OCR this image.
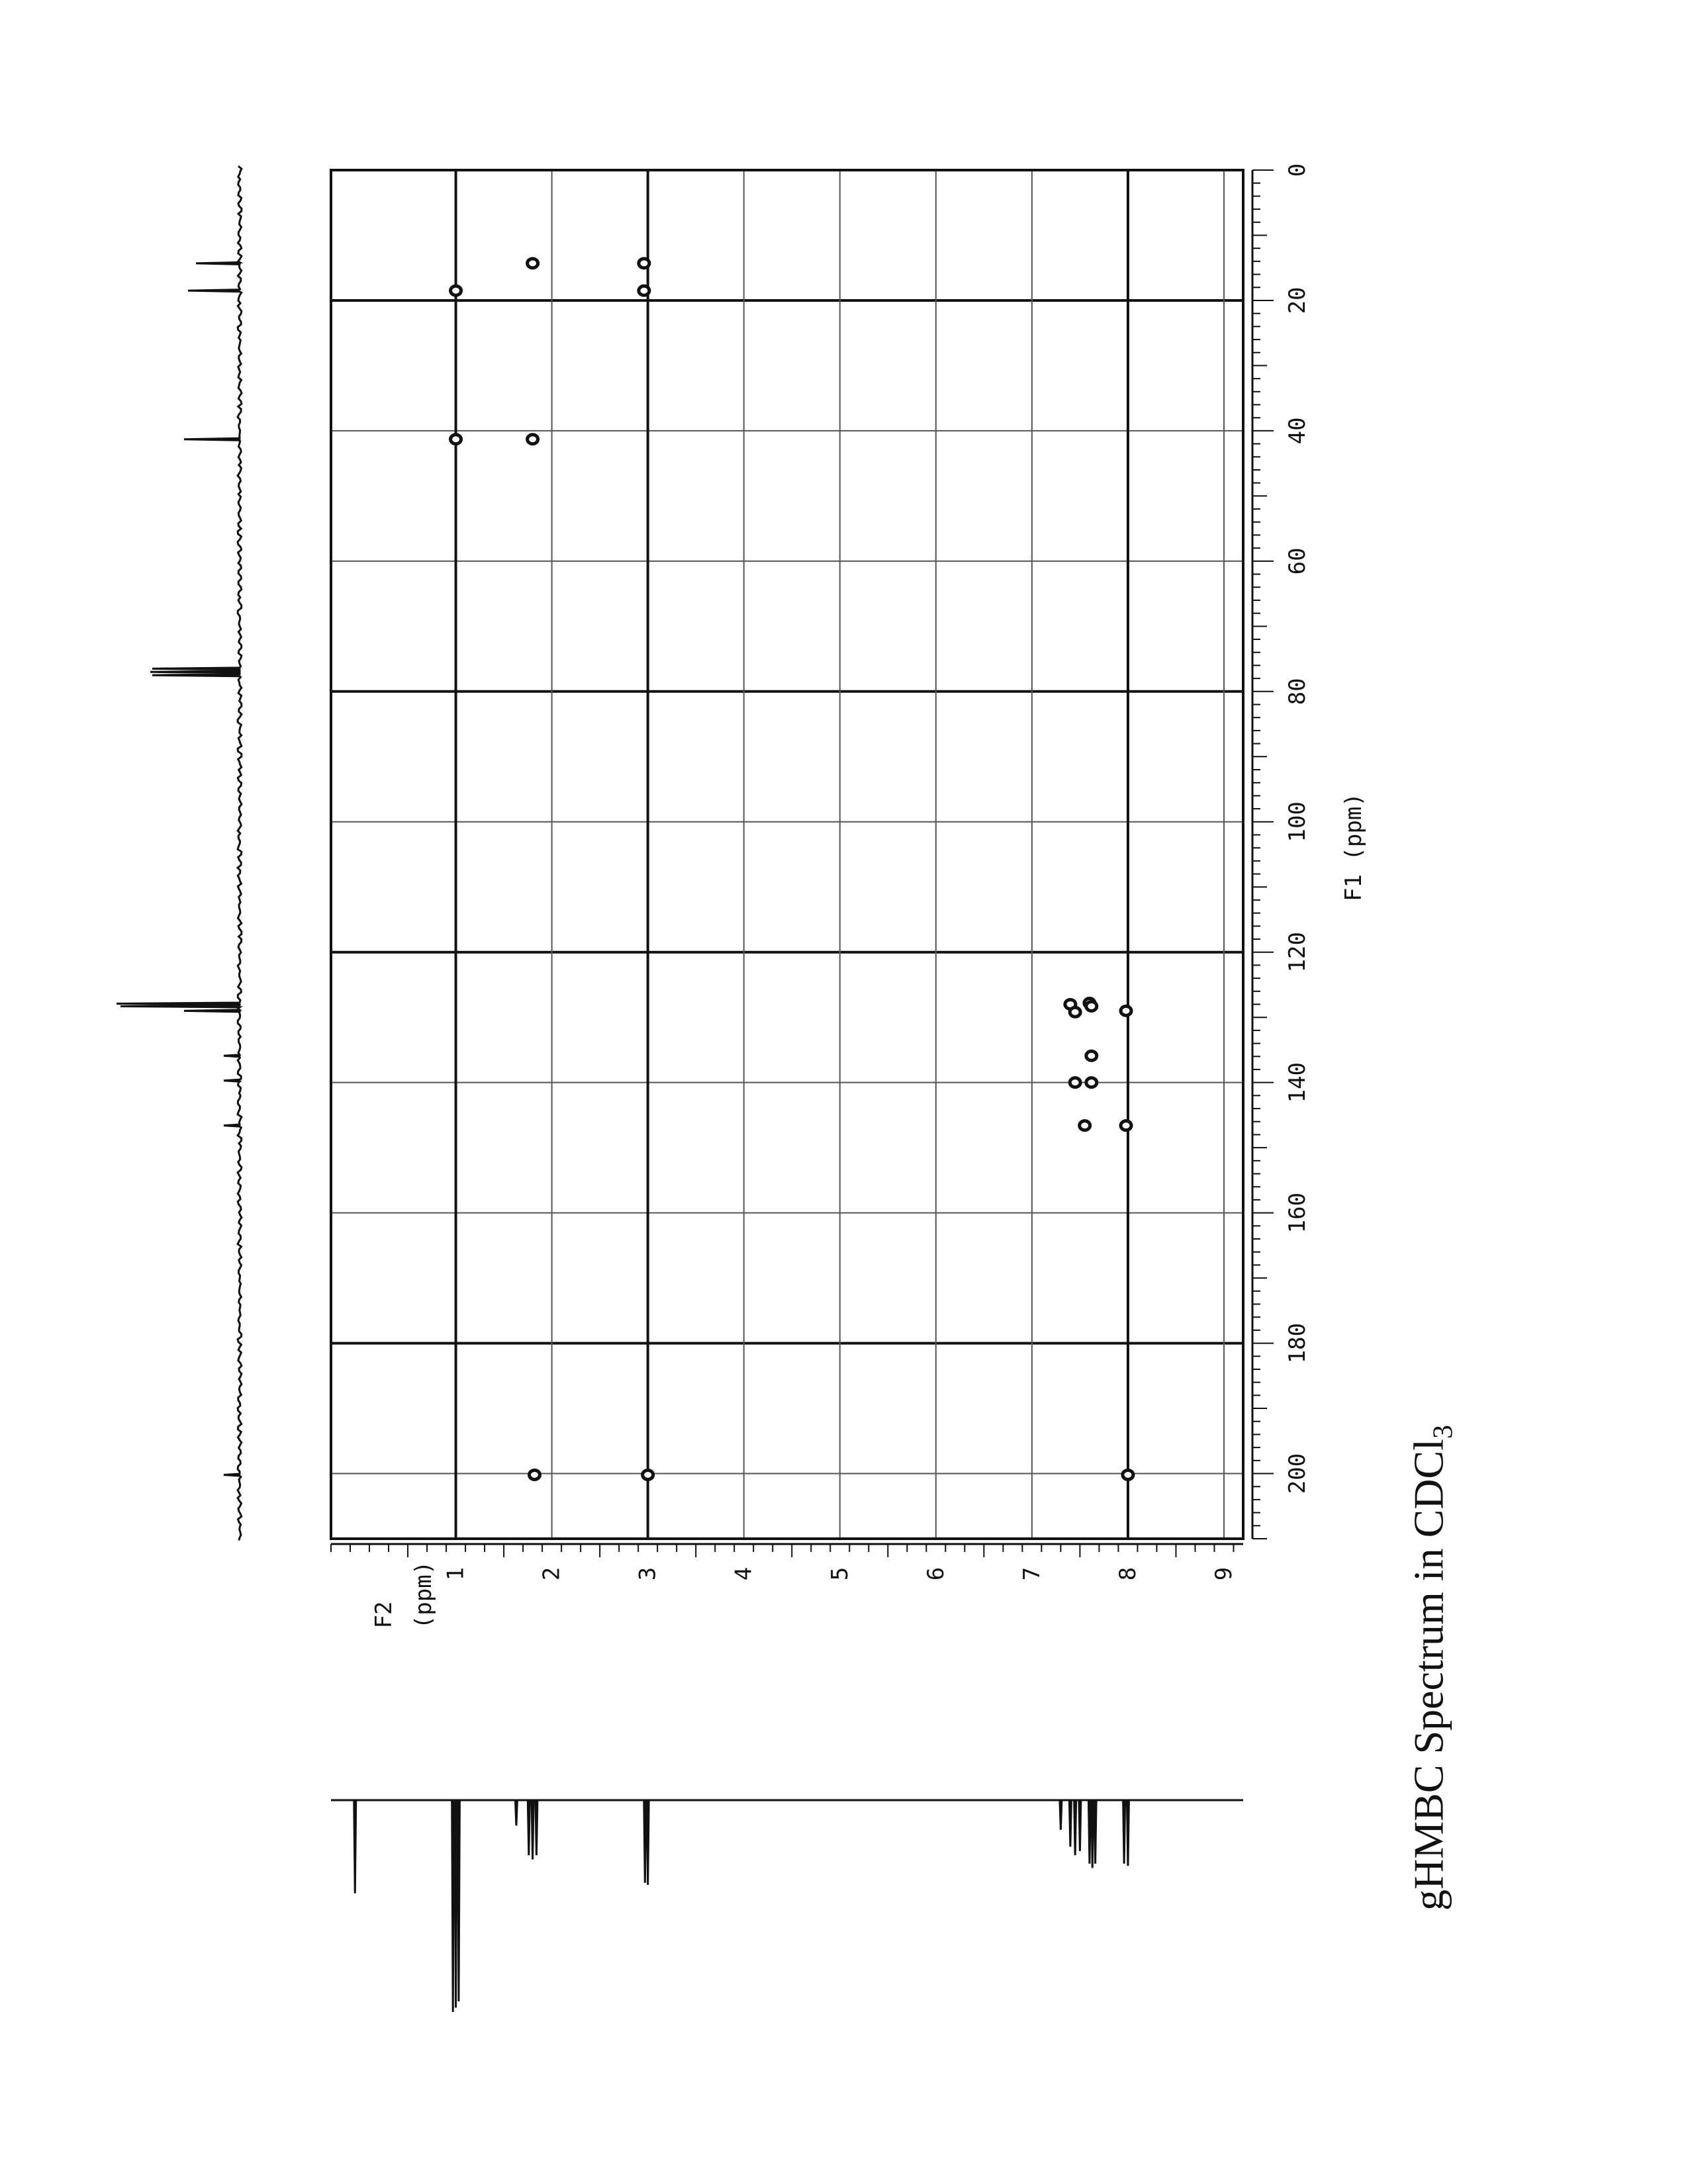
0
20
40
60
80
100
120
140
160
180
200
1	2	3	4	5	6	7	8	9
F1 (ppm)
F2 (ppm)	gHMBC Spectrum in CDCl$_3$
